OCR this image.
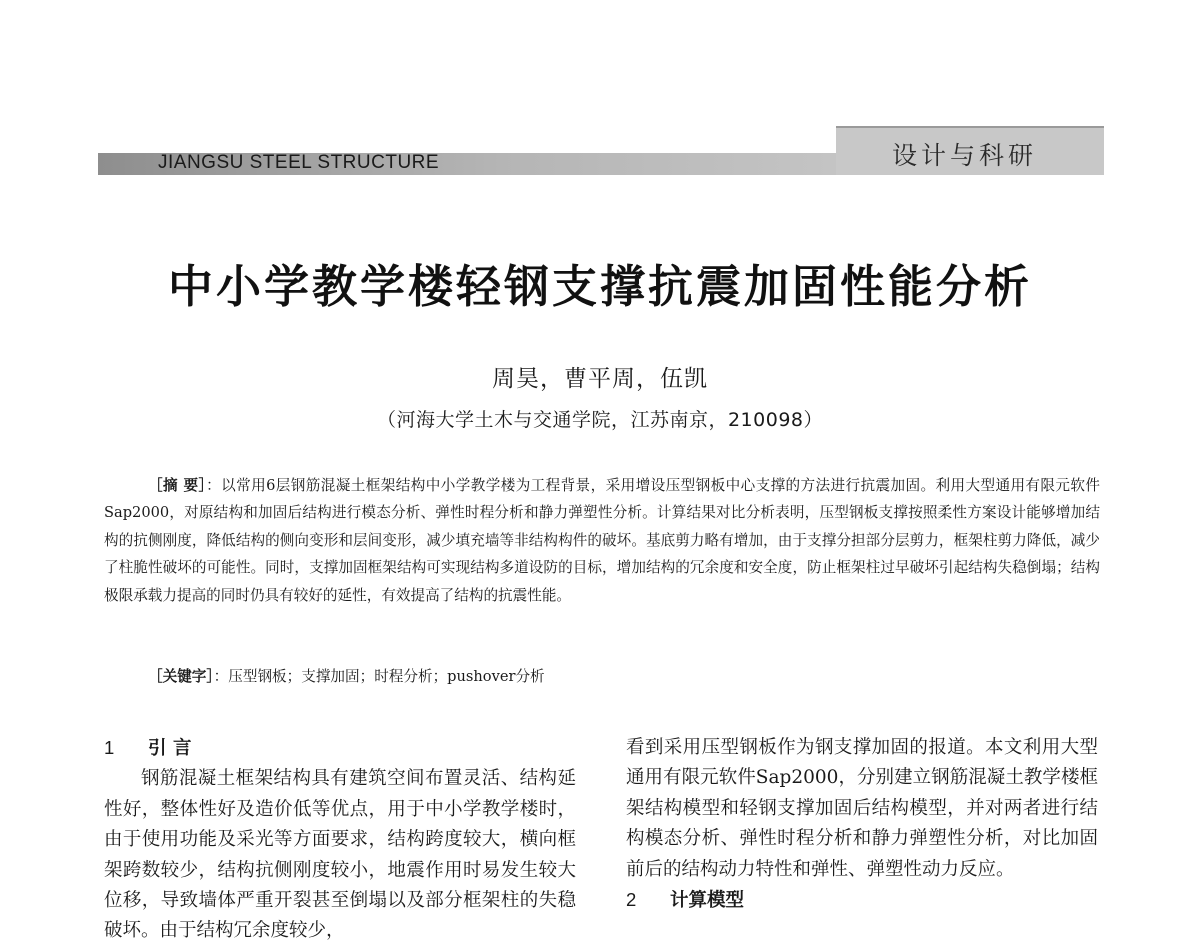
JIANGSU STEEL STRUCTURE	设计与科研
中小学教学楼轻钢支撑抗震加固性能分析
周昊，曹平周，伍凯
（河海大学土木与交通学院，江苏南京，210098）
［摘 要］：以常用6层钢筋混凝土框架结构中小学教学楼为工程背景，采用增设压型钢板中心支撑的方法进行抗震加固。利用大型通用有限元软件Sap2000，对原结构和加固后结构进行模态分析、弹性时程分析和静力弹塑性分析。计算结果对比分析表明，压型钢板支撑按照柔性方案设计能够增加结构的抗侧刚度，降低结构的侧向变形和层间变形，减少填充墙等非结构构件的破坏。基底剪力略有增加，由于支撑分担部分层剪力，框架柱剪力降低，减少了柱脆性破坏的可能性。同时，支撑加固框架结构可实现结构多道设防的目标，增加结构的冗余度和安全度，防止框架柱过早破坏引起结构失稳倒塌；结构极限承载力提高的同时仍具有较好的延性，有效提高了结构的抗震性能。
［关键字］：压型钢板；支撑加固；时程分析；pushover分析
1 引 言

钢筋混凝土框架结构具有建筑空间布置灵活、结构延性好，整体性好及造价低等优点，用于中小学教学楼时，由于使用功能及采光等方面要求，结构跨度较大，横向框架跨数较少，结构抗侧刚度较小，地震作用时易发生较大位移，导致墙体严重开裂甚至倒塌以及部分框架柱的失稳破坏。由于结构冗余度较少，

看到采用压型钢板作为钢支撑加固的报道。本文利用大型通用有限元软件Sap2000，分别建立钢筋混凝土教学楼框架结构模型和轻钢支撑加固后结构模型，并对两者进行结构模态分析、弹性时程分析和静力弹塑性分析，对比加固前后的结构动力特性和弹性、弹塑性动力反应。

2 计算模型
